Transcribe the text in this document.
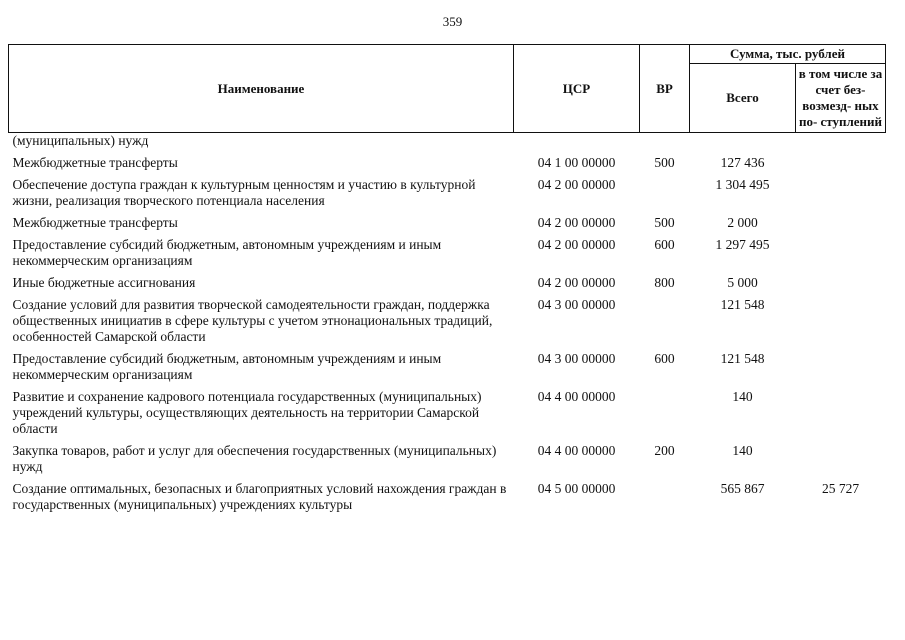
359
Наименование	ЦСР	ВР	Сумма, тыс. рублей	
			Всего	в том числе за счет без- возмезд- ных по- ступлений
(муниципальных) нужд				
Межбюджетные трансферты	04 1 00 00000	500	127 436	
Обеспечение доступа граждан к культурным ценностям и участию в культурной жизни, реализация творческого потенциала населения	04 2 00 00000		1 304 495	
Межбюджетные трансферты	04 2 00 00000	500	2 000	
Предоставление субсидий бюджетным, автономным учреждениям и иным некоммерческим организациям	04 2 00 00000	600	1 297 495	
Иные бюджетные ассигнования	04 2 00 00000	800	5 000	
Создание условий для развития творческой самодеятельности граждан, поддержка общественных инициатив в сфере культуры с учетом этнонациональных традиций, особенностей Самарской области	04 3 00 00000		121 548	
Предоставление субсидий бюджетным, автономным учреждениям и иным некоммерческим организациям	04 3 00 00000	600	121 548	
Развитие и сохранение кадрового потенциала государственных (муниципальных) учреждений культуры, осуществляющих деятельность на территории Самарской области	04 4 00 00000		140	
Закупка товаров, работ и услуг для обеспечения государственных (муниципальных) нужд	04 4 00 00000	200	140	
Создание оптимальных, безопасных и благоприятных условий нахождения граждан в государственных (муниципальных) учреждениях культуры	04 5 00 00000		565 867	25 727
